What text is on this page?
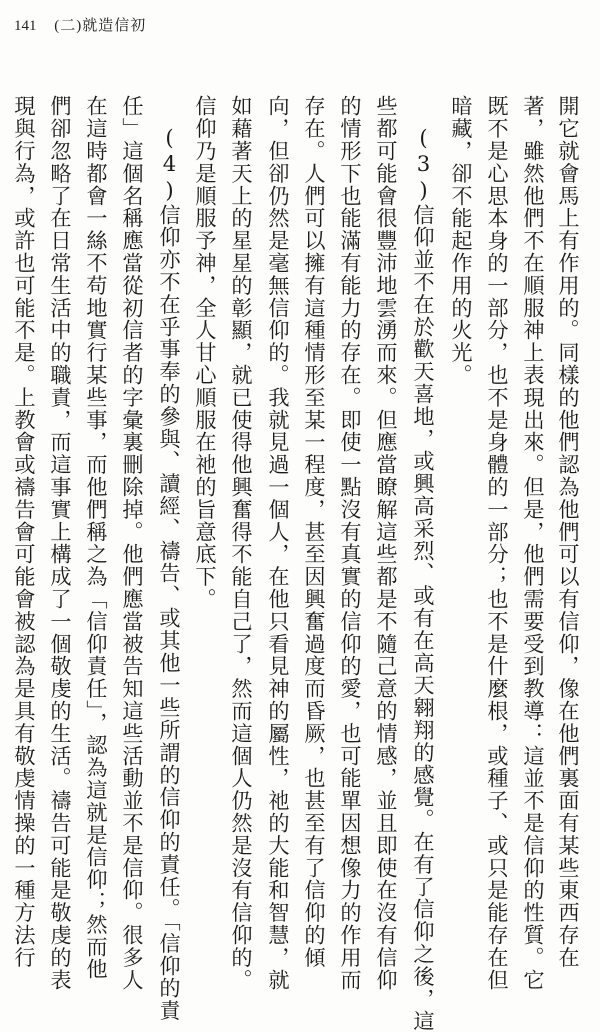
141 (二)就造信初
開它就會馬上有作用的。同樣的他們認為他們可以有信仰，像在他們裏面有某些東西存在
著，雖然他們不在順服神上表現出來。但是，他們需要受到教導：這並不是信仰的性質。它
既不是心思本身的一部分，也不是身體的一部分；也不是什麼根，或種子、或只是能存在但
暗藏，卻不能起作用的火光。
(3)信仰並不在於歡天喜地，或興高采烈、或有在高天翱翔的感覺。在有了信仰之後，這
些都可能會很豐沛地雲湧而來。但應當瞭解這些都是不隨己意的情感，並且即使在沒有信仰
的情形下也能滿有能力的存在。即使一點沒有真實的信仰的愛，也可能單因想像力的作用而
存在。人們可以擁有這種情形至某一程度，甚至因興奮過度而昏厥，也甚至有了信仰的傾
向，但卻仍然是毫無信仰的。我就見過一個人，在他只看見神的屬性，祂的大能和智慧，就
如藉著天上的星星的彰顯，就已使得他興奮得不能自己了，然而這個人仍然是沒有信仰的。
信仰乃是順服予神，全人甘心順服在祂的旨意底下。
(4)信仰亦不在乎事奉的參與、讀經、禱告、或其他一些所謂的信仰的責任。「信仰的責
任」這個名稱應當從初信者的字彙裏刪除掉。他們應當被告知這些活動並不是信仰。很多人
在這時都會一絲不苟地實行某些事，而他們稱之為「信仰責任」，認為這就是信仰；然而他
們卻忽略了在日常生活中的職責，而這事實上構成了一個敬虔的生活。禱告可能是敬虔的表
現與行為，或許也可能不是。上教會或禱告會可能會被認為是具有敬虔情操的一種方法行
